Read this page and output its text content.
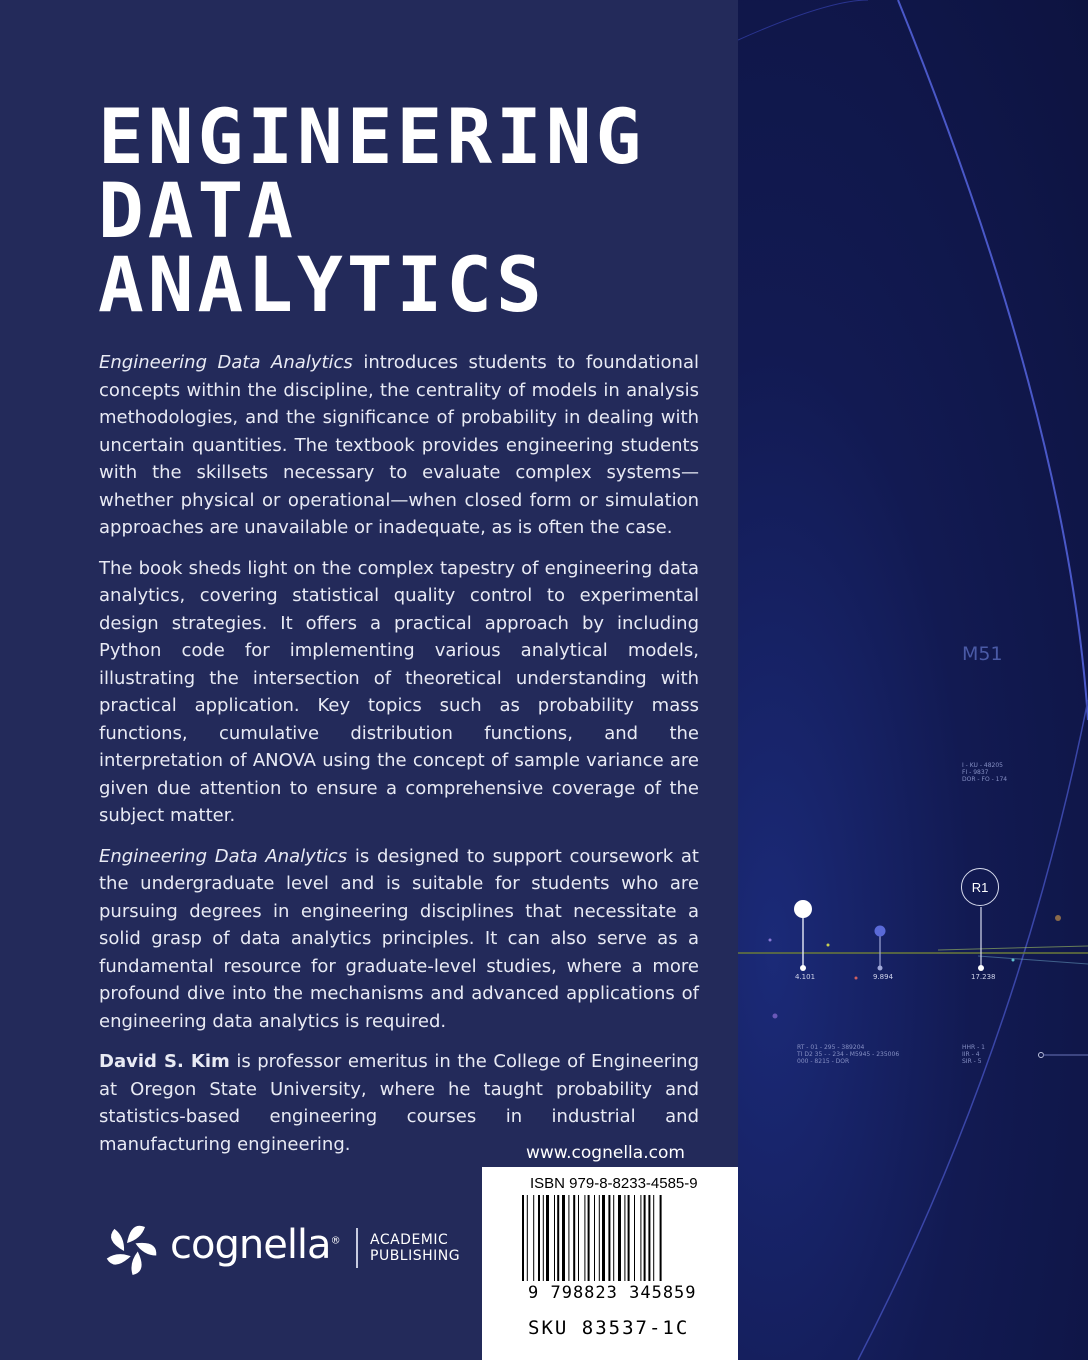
ENGINEERING
DATA
ANALYTICS

Engineering Data Analytics introduces students to foundational concepts within the discipline, the centrality of models in analysis methodologies, and the significance of probability in dealing with uncertain quantities. The textbook provides engineering students with the skillsets necessary to evaluate complex systems—whether physical or operational—when closed form or simulation approaches are unavailable or inadequate, as is often the case.

The book sheds light on the complex tapestry of engineering data analytics, covering statistical quality control to experimental design strategies. It offers a practical approach by including Python code for implementing various analytical models, illustrating the intersection of theoretical understanding with practical application. Key topics such as probability mass functions, cumulative distribution functions, and the interpretation of ANOVA using the concept of sample variance are given due attention to ensure a comprehensive coverage of the subject matter.

Engineering Data Analytics is designed to support coursework at the undergraduate level and is suitable for students who are pursuing degrees in engineering disciplines that necessitate a solid grasp of data analytics principles. It can also serve as a fundamental resource for graduate-level studies, where a more profound dive into the mechanisms and advanced applications of engineering data analytics is required.

David S. Kim is professor emeritus in the College of Engineering at Oregon State University, where he taught probability and statistics-based engineering courses in industrial and manufacturing engineering.	www.cognella.com
ISBN 979-8-8233-4585-9
9 798823 345859
SKU 83537-1C
cognella® ACADEMIC
PUBLISHING
M51
R1
4.101	9.894	17.238
I - KU - 48205
FI - 9837
DOR - FO - 174
RT - 01 - 295 - 389204
TI D2 35 - - 234 - M5945 - 235006
000 - 8215 - DOR
HHR - 1
IIR - 4
SIR - 5
